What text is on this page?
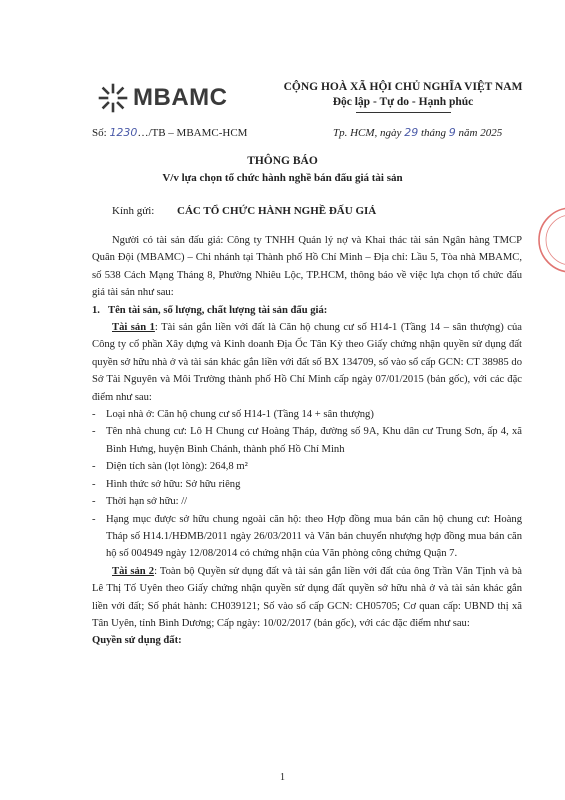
MBAMC	CỘNG HOÀ XÃ HỘI CHỦ NGHĨA VIỆT NAM
Độc lập - Tự do - Hạnh phúc
Số: 1230…/TB – MBAMC-HCM	Tp. HCM, ngày 29 tháng 9 năm 2025
THÔNG BÁO
V/v lựa chọn tổ chức hành nghề bán đấu giá tài sản
Kính gửi: CÁC TỔ CHỨC HÀNH NGHỀ ĐẤU GIÁ

Người có tài sản đấu giá: Công ty TNHH Quản lý nợ và Khai thác tài sản Ngân hàng TMCP Quân Đội (MBAMC) – Chi nhánh tại Thành phố Hồ Chí Minh – Địa chỉ: Lầu 5, Tòa nhà MBAMC, số 538 Cách Mạng Tháng 8, Phường Nhiêu Lộc, TP.HCM, thông báo về việc lựa chọn tổ chức đấu giá tài sản như sau:

1. Tên tài sản, số lượng, chất lượng tài sản đấu giá:

Tài sản 1: Tài sản gắn liền với đất là Căn hộ chung cư số H14-1 (Tầng 14 – sân thượng) của Công ty cổ phần Xây dựng và Kinh doanh Địa Ốc Tân Kỳ theo Giấy chứng nhận quyền sử dụng đất quyền sở hữu nhà ở và tài sản khác gắn liền với đất số BX 134709, số vào sổ cấp GCN: CT 38985 do Sở Tài Nguyên và Môi Trường thành phố Hồ Chí Minh cấp ngày 07/01/2015 (bản gốc), với các đặc điểm như sau:

- Loại nhà ở: Căn hộ chung cư số H14-1 (Tầng 14 + sân thượng)
- Tên nhà chung cư: Lô H Chung cư Hoàng Tháp, đường số 9A, Khu dân cư Trung Sơn, ấp 4, xã Bình Hưng, huyện Bình Chánh, thành phố Hồ Chí Minh
- Diện tích sàn (lọt lòng): 264,8 m²
- Hình thức sở hữu: Sở hữu riêng
- Thời hạn sở hữu: //
- Hạng mục được sở hữu chung ngoài căn hộ: theo Hợp đồng mua bán căn hộ chung cư: Hoàng Tháp số H14.1/HĐMB/2011 ngày 26/03/2011 và Văn bản chuyển nhượng hợp đồng mua bán căn hộ số 004949 ngày 12/08/2014 có chứng nhận của Văn phòng công chứng Quận 7.

Tài sản 2: Toàn bộ Quyền sử dụng đất và tài sản gắn liền với đất của ông Trần Văn Tịnh và bà Lê Thị Tố Uyên theo Giấy chứng nhận quyền sử dụng đất quyền sở hữu nhà ở và tài sản khác gắn liền với đất; Số phát hành: CH039121; Số vào sổ cấp GCN: CH05705; Cơ quan cấp: UBND thị xã Tân Uyên, tỉnh Bình Dương; Cấp ngày: 10/02/2017 (bản gốc), với các đặc điểm như sau:

Quyền sử dụng đất:

1
